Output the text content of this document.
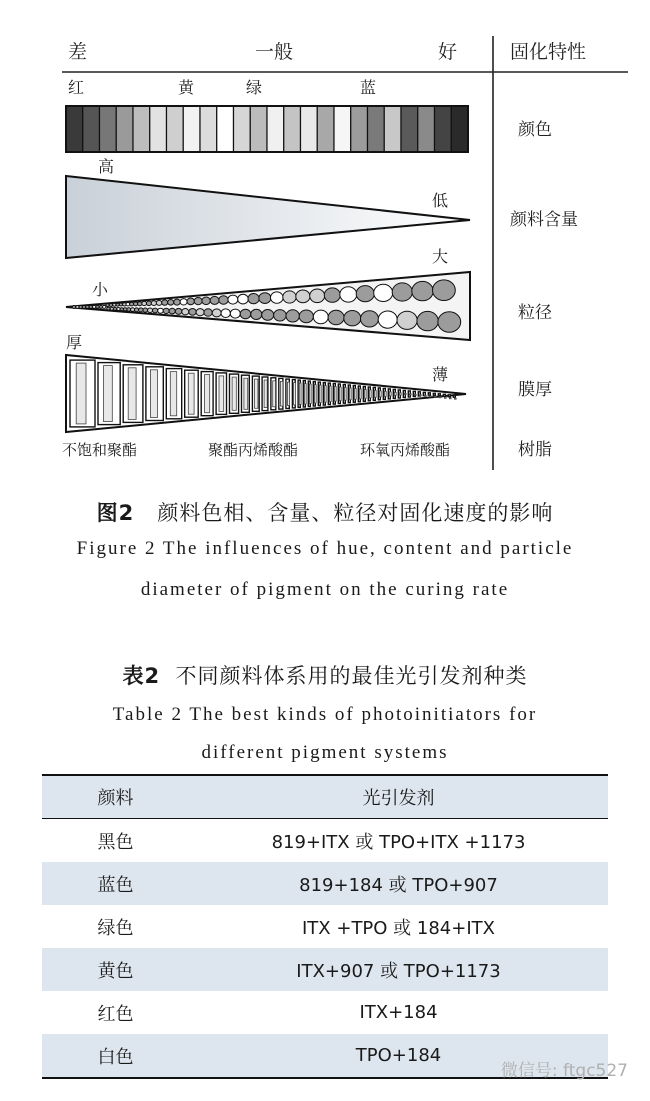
差	一般	好	固化特性
红	黄	绿	蓝
颜色
颜料含量
粒径
膜厚
树脂
高
低
小
大
厚
薄
不饱和聚酯	聚酯丙烯酸酯	环氧丙烯酸酯
图2 颜料色相、含量、粒径对固化速度的影响
Figure 2 The influences of hue, content and particle
diameter of pigment on the curing rate
表2 不同颜料体系用的最佳光引发剂种类
Table 2 The best kinds of photoinitiators for
different pigment systems
颜料	光引发剂
黑色	819+ITX 或 TPO+ITX +1173
蓝色	819+184 或 TPO+907
绿色	ITX +TPO 或 184+ITX
黄色	ITX+907 或 TPO+1173
红色	ITX+184
白色	TPO+184
微信号: ftgc527
